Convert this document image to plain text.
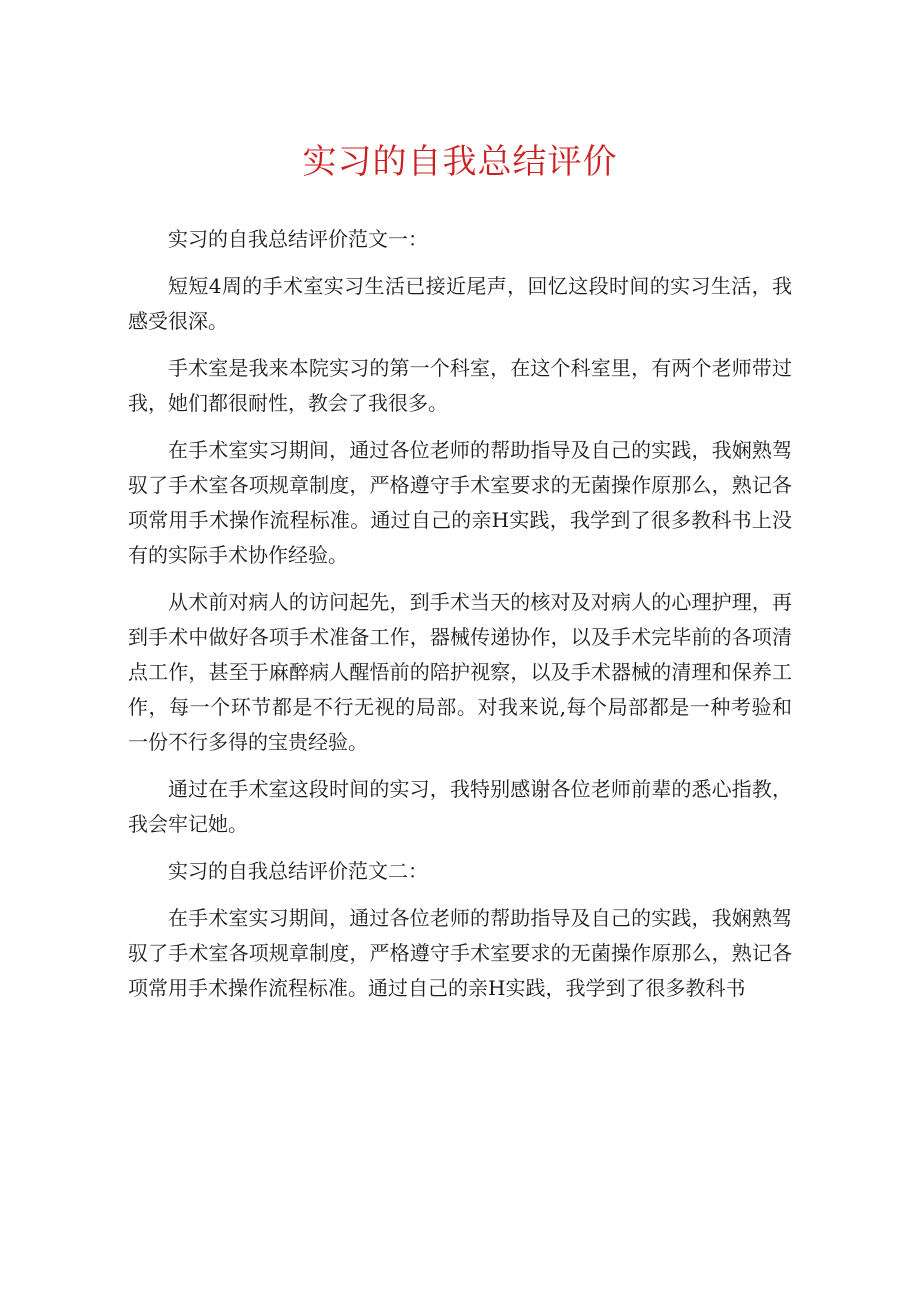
实习的自我总结评价

实习的自我总结评价范文一：

短短4周的手术室实习生活已接近尾声，回忆这段时间的实习生活，我感受很深。

手术室是我来本院实习的第一个科室，在这个科室里，有两个老师带过我，她们都很耐性，教会了我很多。

在手术室实习期间，通过各位老师的帮助指导及自己的实践，我娴熟驾驭了手术室各项规章制度，严格遵守手术室要求的无菌操作原那么，熟记各项常用手术操作流程标准。通过自己的亲H实践，我学到了很多教科书上没有的实际手术协作经验。

从术前对病人的访问起先，到手术当天的核对及对病人的心理护理，再到手术中做好各项手术准备工作，器械传递协作，以及手术完毕前的各项清点工作，甚至于麻醉病人醒悟前的陪护视察，以及手术器械的清理和保养工作，每一个环节都是不行无视的局部。对我来说,每个局部都是一种考验和一份不行多得的宝贵经验。

通过在手术室这段时间的实习，我特别感谢各位老师前辈的悉心指教，我会牢记她。

实习的自我总结评价范文二：

在手术室实习期间，通过各位老师的帮助指导及自己的实践，我娴熟驾驭了手术室各项规章制度，严格遵守手术室要求的无菌操作原那么，熟记各项常用手术操作流程标准。通过自己的亲H实践，我学到了很多教科书
